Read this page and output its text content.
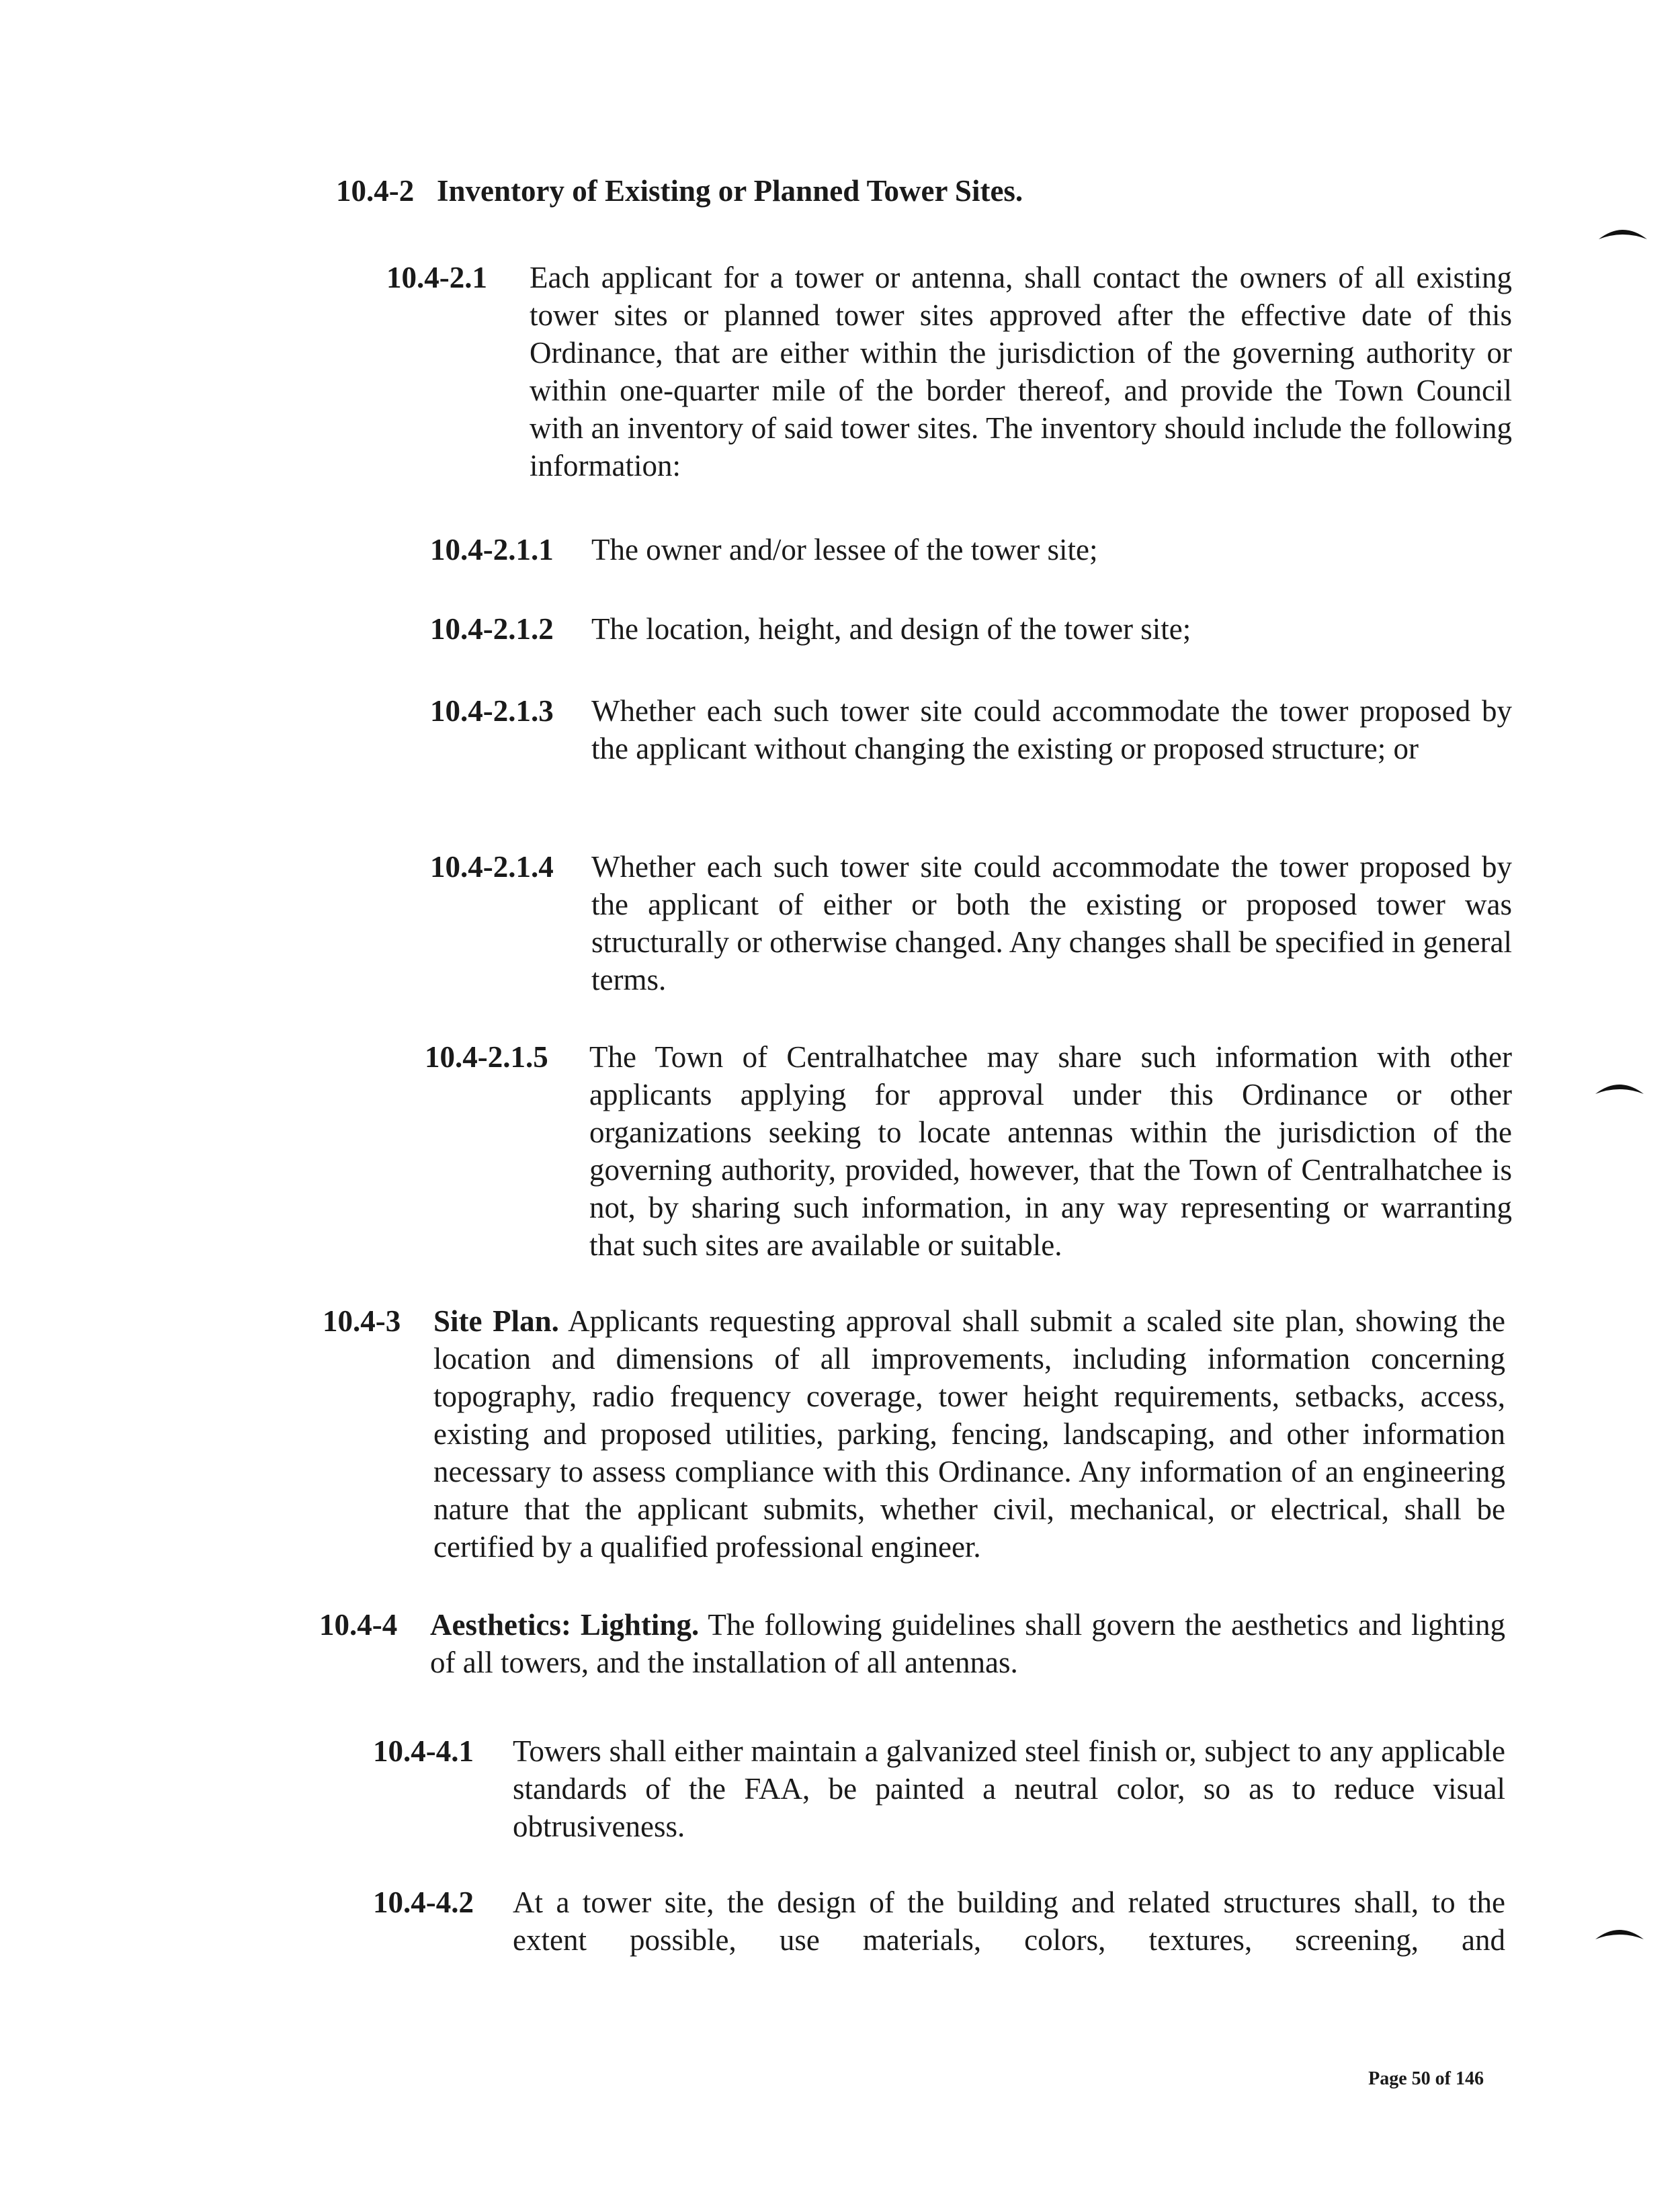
10.4-2 Inventory of Existing or Planned Tower Sites.
10.4-2.1 Each applicant for a tower or antenna, shall contact the owners of all existing tower sites or planned tower sites approved after the effective date of this Ordinance, that are either within the jurisdiction of the governing authority or within one-quarter mile of the border thereof, and provide the Town Council with an inventory of said tower sites. The inventory should include the following information:
10.4-2.1.1 The owner and/or lessee of the tower site;
10.4-2.1.2 The location, height, and design of the tower site;
10.4-2.1.3 Whether each such tower site could accommodate the tower proposed by the applicant without changing the existing or proposed structure; or
10.4-2.1.4 Whether each such tower site could accommodate the tower proposed by the applicant of either or both the existing or proposed tower was structurally or otherwise changed. Any changes shall be specified in general terms.
10.4-2.1.5 The Town of Centralhatchee may share such information with other applicants applying for approval under this Ordinance or other organizations seeking to locate antennas within the jurisdiction of the governing authority, provided, however, that the Town of Centralhatchee is not, by sharing such information, in any way representing or warranting that such sites are available or suitable.
10.4-3 Site Plan. Applicants requesting approval shall submit a scaled site plan, showing the location and dimensions of all improvements, including information concerning topography, radio frequency coverage, tower height requirements, setbacks, access, existing and proposed utilities, parking, fencing, landscaping, and other information necessary to assess compliance with this Ordinance. Any information of an engineering nature that the applicant submits, whether civil, mechanical, or electrical, shall be certified by a qualified professional engineer.
10.4-4 Aesthetics: Lighting. The following guidelines shall govern the aesthetics and lighting of all towers, and the installation of all antennas.
10.4-4.1 Towers shall either maintain a galvanized steel finish or, subject to any applicable standards of the FAA, be painted a neutral color, so as to reduce visual obtrusiveness.
10.4-4.2 At a tower site, the design of the building and related structures shall, to the extent possible, use materials, colors, textures, screening, and
Page 50 of 146
